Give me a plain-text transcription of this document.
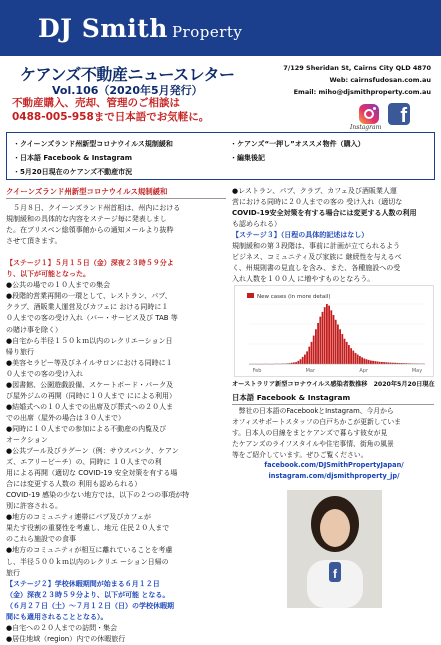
DJ Smith Property
ケアンズ不動産ニュースレター
Vol.106（2020年5月発行）
不動産購入、売却、管理のご相談は
0488-005-958まで日本語でお気軽に。
7/129 Sheridan St, Cairns City QLD 4870
Web: cairnsfudosan.com.au
Email: miho@djsmithproperty.com.au
Instagram
f
・クイーンズランド州新型コロナウイルス規制緩和
・日本語 Facebook & Instagram
・5月20日現在のケアンズ不動産市況
・ケアンズ“一押し”オススメ物件（購入）
・編集後記
クイーンズランド州新型コロナウイルス規制緩和

　５月８日、クイーンズランド州首相は、州内における

規制緩和の具体的な内容をステージ毎に発表しまし

た。在ブリスベン総領事館からの通知メールより抜粋

させて頂きます。

【ステージ１】５月１５日（金）深夜２３時５９分よ

り、以下が可能となった。

●公共の場での１０人までの集会

●段階的営業再開の一環として、レストラン、パブ、

クラブ、酒販業人運営及びカフェに おける同時に１

０人までの客の受け入れ（バー・サービス及び TAB 等

の賭け事を除く）

●自宅から半径１５０ｋｍ以内のレクリエーション日

帰り旅行

●美容セラピー等及びネイルサロンにおける同時に１

０人までの客の受け入れ

●図書館、公園遊戯設備、スケートボード・パーク及

び屋外ジムの再開（同時に１０人まで にによる利用）

●結婚式への１０人までの出席及び葬式への２０人ま

での出席（屋外の場合は３０人まで）

●同時に１０人までの参加による不動産の内覧及び

オークション

●公共プール及びラグーン（例：サウスバンク、ケアン

ズ、エアリービーチ）の、同時に １０人までの利

用による再開（適切な COVID-19 安全対策を有する場

合には変更する人数の 利用も認められる）

COVID-19 感染の少ない地方では、以下の２つの事項が特

別に許容される。

●地方のコミュニティ連帯にパブ及びカフェが

果たす役割の重要性を考慮し、地元 住民２０人まで

のこれら施設での食事

●地方のコミュニティが相互に離れていることを考慮

し、半径５００ｋｍ以内のレクリエ ーション日帰の

旅行

【ステージ２】学校休暇期間が始まる６月１２日

（金）深夜２３時５９分より、以下が可能 となる。

（６月２７日（土）〜７月１２日（日）の学校休暇期

間にも適用されることとなる）。

●自宅への２０人までの訪問・集会

●居住地域（region）内での休暇旅行

●レストラン、パブ、クラブ、カフェ及び酒販業人運

営における同時に２０人までの客の 受け入れ（適切な

COVID-19安全対策を有する場合には変更する人数の利用

も認められる）

【ステージ３】（日程の具体的記述はなし）

規制緩和の第３段階は、事前に計画が立てられるよう

ビジネス、コミュニティ及び家族に 継続性を与えるべ

く、州規則書の見直しを含み、また、各種施設への受

入れ人数を１００人 に増やすものとなろう。

New cases (in more detail)
Feb	Mar	Apr	May
オーストラリア新型コロナウイルス感染者数推移　2020年5月20日現在
日本語 Facebook & Instagram

　弊社の日本語のFacebookとInstagram、今月から

オフィスサポートスタッフの白戸ちかこが更新していま

す。日本人の目線をまとケアンズで暮らす彼女が見

たケアンズのライフスタイルや住宅事情、街角の風景

等をご紹介しています。ぜひご覧ください。

facebook.com/DJSmithPropertyJapan/
instagram.com/djsmithproperty_jp/
f
